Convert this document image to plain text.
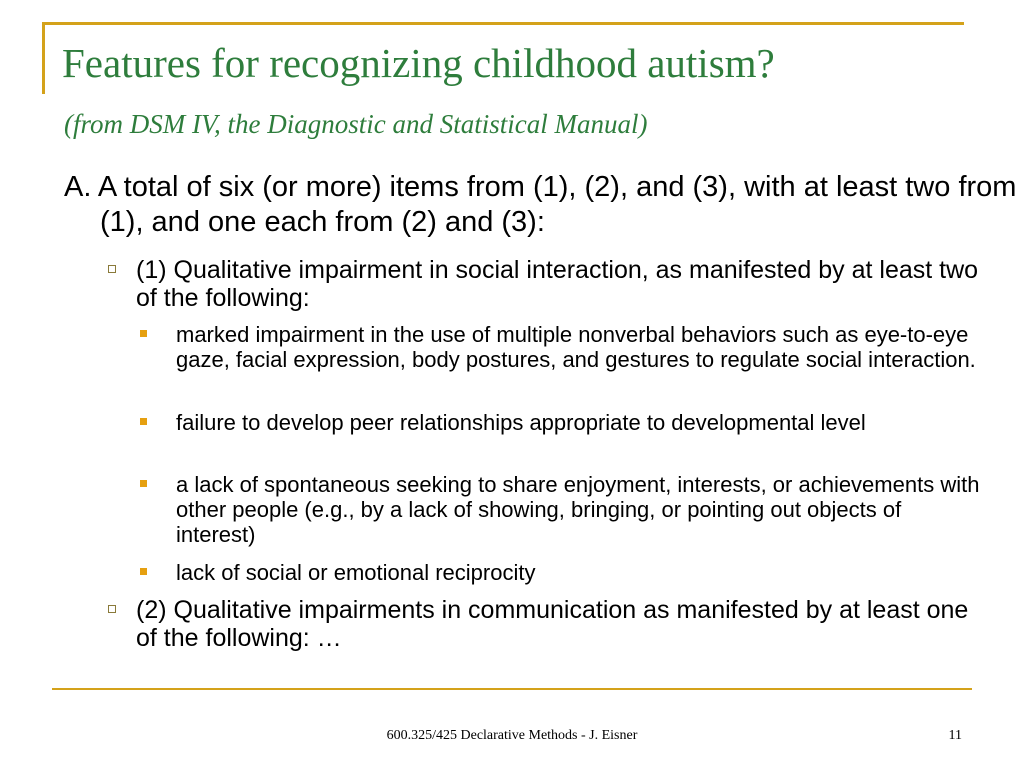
Features for recognizing childhood autism?
(from DSM IV, the Diagnostic and Statistical Manual)
A. A total of six (or more) items from (1), (2), and (3), with at least two from (1), and one each from (2) and (3):
(1) Qualitative impairment in social interaction, as manifested by at least two of the following:
marked impairment in the use of multiple nonverbal behaviors such as eye-to-eye gaze, facial expression, body postures, and gestures to regulate social interaction.
failure to develop peer relationships appropriate to developmental level
a lack of spontaneous seeking to share enjoyment, interests, or achievements with other people (e.g., by a lack of showing, bringing, or pointing out objects of interest)
lack of social or emotional reciprocity
(2) Qualitative impairments in communication as manifested by at least one of the following: …
600.325/425 Declarative Methods - J. Eisner	11
